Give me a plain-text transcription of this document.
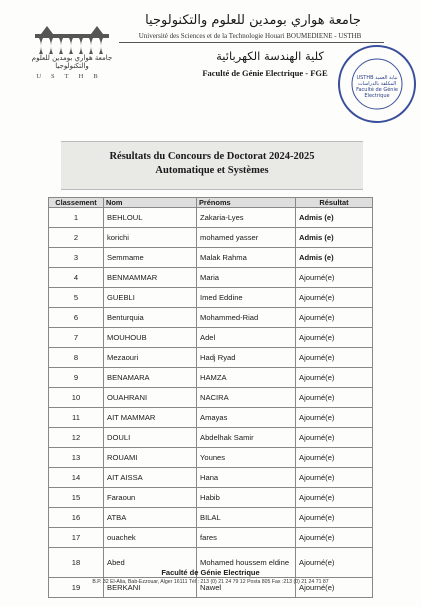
جامعة هواري بومدين للعلوم والتكنولوجيا
USTHB
جامعة هواري بومدين للعلوم والتكنولوجيا
Université des Sciences et de la Technologie Houari BOUMEDIENE - USTHB
كلية الهندسة الكهربائية
Faculté de Génie Electrique - FGE	USTHB نيابة العميد المكلفة بالدراسات Faculté de Génie Electrique
Résultats du Concours de Doctorat 2024-2025
Automatique et Systèmes
Classement	Nom	Prénoms	Résultat
1	BEHLOUL	Zakaria-Lyes	Admis (e)
2	korichi	mohamed yasser	Admis (e)
3	Semmame	Malak Rahma	Admis (e)
4	BENMAMMAR	Maria	Ajourné(e)
5	GUEBLI	Imed Eddine	Ajourné(e)
6	Benturquia	Mohammed-Riad	Ajourné(e)
7	MOUHOUB	Adel	Ajourné(e)
8	Mezaouri	Hadj Ryad	Ajourné(e)
9	BENAMARA	HAMZA	Ajourné(e)
10	OUAHRANI	NACIRA	Ajourné(e)
11	AIT MAMMAR	Amayas	Ajourné(e)
12	DOULI	Abdelhak Samir	Ajourné(e)
13	ROUAMI	Younes	Ajourné(e)
14	AIT AISSA	Hana	Ajourné(e)
15	Faraoun	Habib	Ajourné(e)
16	ATBA	BILAL	Ajourné(e)
17	ouachek	fares	Ajourné(e)
18	Abed	Mohamed houssem eldine	Ajourné(e)
19	BERKANI	Nawel	Ajourné(e)
Faculté de Génie Electrique
B.P. 32 El-Alia, Bab-Ezzouar, Alger 16111 Tél : 213 (0) 21 24 79 12 Posta 805 Fax :213 (0) 21 24 71 87
